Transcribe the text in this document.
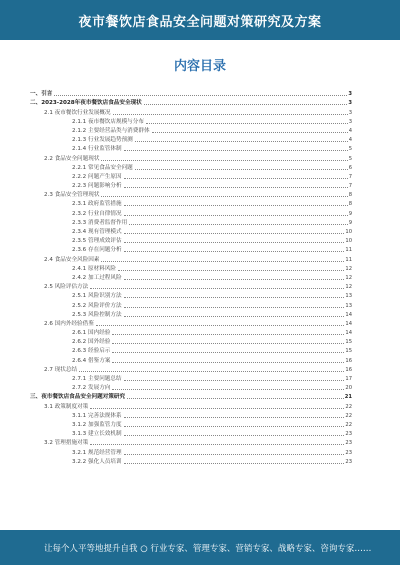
夜市餐饮店食品安全问题对策研究及方案
内容目录
一、引言	3
二、2023-2028年夜市餐饮店食品安全现状	3
2.1 夜市餐饮行业发展概况	3
2.1.1 夜市餐饮店规模与分布	3
2.1.2 主要经营品类与消费群体	4
2.1.3 行业发展趋势预测	4
2.1.4 行业监管体制	5
2.2 食品安全问题现状	5
2.2.1 常见食品安全问题	6
2.2.2 问题产生原因	7
2.2.3 问题影响分析	7
2.3 食品安全管理现状	8
2.3.1 政府监管措施	8
2.3.2 行业自律情况	9
2.3.3 消费者监督作用	9
2.3.4 现有管理模式	10
2.3.5 管理成效评估	10
2.3.6 存在问题分析	11
2.4 食品安全风险因素	11
2.4.1 原材料风险	12
2.4.2 加工过程风险	12
2.5 风险评估方法	12
2.5.1 风险识别方法	13
2.5.2 风险评价方法	13
2.5.3 风险控制方法	14
2.6 国内外经验借鉴	14
2.6.1 国内经验	14
2.6.2 国外经验	15
2.6.3 经验启示	15
2.6.4 借鉴方案	16
2.7 现状总结	16
2.7.1 主要问题总结	17
2.7.2 发展方向	20
三、夜市餐饮店食品安全问题对策研究	21
3.1 政策制度对策	22
3.1.1 完善法规体系	22
3.1.2 加强监管力度	22
3.1.3 建立长效机制	23
3.2 管理措施对策	23
3.2.1 规范经营管理	23
3.2.2 强化人员培训	23
让每个人平等地提升自我 ○ 行业专家、管理专家、营销专家、战略专家、咨询专家……
